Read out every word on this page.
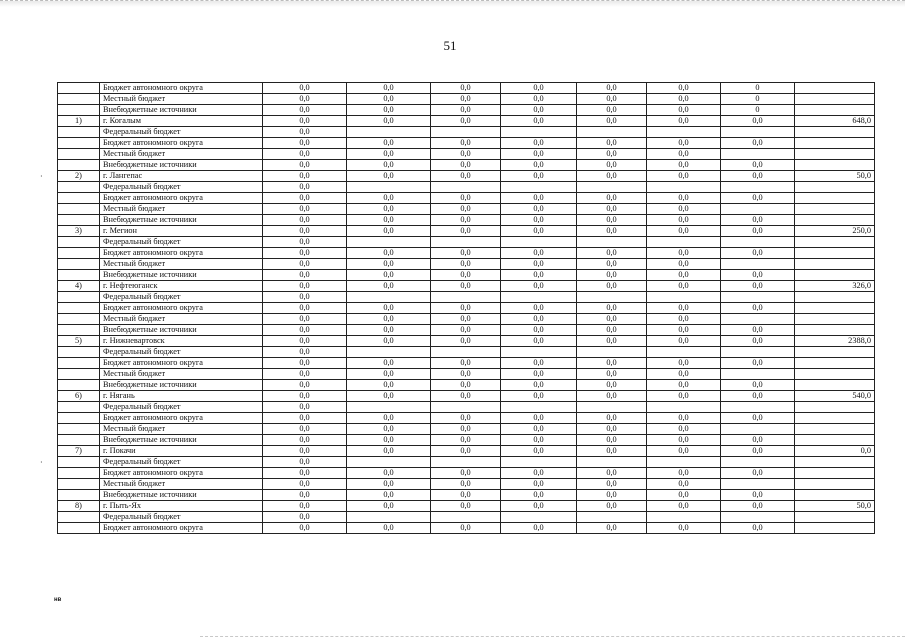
51
·
·
	Бюджет автономного округа	0,0	0,0	0,0	0,0	0,0	0,0	0	
	Местный бюджет	0,0	0,0	0,0	0,0	0,0	0,0	0	
	Внебюджетные источники	0,0	0,0	0,0	0,0	0,0	0,0	0	
1)	г. Когалым	0,0	0,0	0,0	0,0	0,0	0,0	0,0	648,0
	Федеральный бюджет	0,0							
	Бюджет автономного округа	0,0	0,0	0,0	0,0	0,0	0,0	0,0	
	Местный бюджет	0,0	0,0	0,0	0,0	0,0	0,0		
	Внебюджетные источники	0,0	0,0	0,0	0,0	0,0	0,0	0,0	
2)	г. Лангепас	0,0	0,0	0,0	0,0	0,0	0,0	0,0	50,0
	Федеральный бюджет	0,0							
	Бюджет автономного округа	0,0	0,0	0,0	0,0	0,0	0,0	0,0	
	Местный бюджет	0,0	0,0	0,0	0,0	0,0	0,0		
	Внебюджетные источники	0,0	0,0	0,0	0,0	0,0	0,0	0,0	
3)	г. Мегион	0,0	0,0	0,0	0,0	0,0	0,0	0,0	250,0
	Федеральный бюджет	0,0							
	Бюджет автономного округа	0,0	0,0	0,0	0,0	0,0	0,0	0,0	
	Местный бюджет	0,0	0,0	0,0	0,0	0,0	0,0		
	Внебюджетные источники	0,0	0,0	0,0	0,0	0,0	0,0	0,0	
4)	г. Нефтеюганск	0,0	0,0	0,0	0,0	0,0	0,0	0,0	326,0
	Федеральный бюджет	0,0							
	Бюджет автономного округа	0,0	0,0	0,0	0,0	0,0	0,0	0,0	
	Местный бюджет	0,0	0,0	0,0	0,0	0,0	0,0		
	Внебюджетные источники	0,0	0,0	0,0	0,0	0,0	0,0	0,0	
5)	г. Нижневартовск	0,0	0,0	0,0	0,0	0,0	0,0	0,0	2388,0
	Федеральный бюджет	0,0							
	Бюджет автономного округа	0,0	0,0	0,0	0,0	0,0	0,0	0,0	
	Местный бюджет	0,0	0,0	0,0	0,0	0,0	0,0		
	Внебюджетные источники	0,0	0,0	0,0	0,0	0,0	0,0	0,0	
6)	г. Нягань	0,0	0,0	0,0	0,0	0,0	0,0	0,0	540,0
	Федеральный бюджет	0,0							
	Бюджет автономного округа	0,0	0,0	0,0	0,0	0,0	0,0	0,0	
	Местный бюджет	0,0	0,0	0,0	0,0	0,0	0,0		
	Внебюджетные источники	0,0	0,0	0,0	0,0	0,0	0,0	0,0	
7)	г. Покачи	0,0	0,0	0,0	0,0	0,0	0,0	0,0	0,0
	Федеральный бюджет	0,0							
	Бюджет автономного округа	0,0	0,0	0,0	0,0	0,0	0,0	0,0	
	Местный бюджет	0,0	0,0	0,0	0,0	0,0	0,0		
	Внебюджетные источники	0,0	0,0	0,0	0,0	0,0	0,0	0,0	
8)	г. Пыть-Ях	0,0	0,0	0,0	0,0	0,0	0,0	0,0	50,0
	Федеральный бюджет	0,0							
	Бюджет автономного округа	0,0	0,0	0,0	0,0	0,0	0,0	0,0	
нв
